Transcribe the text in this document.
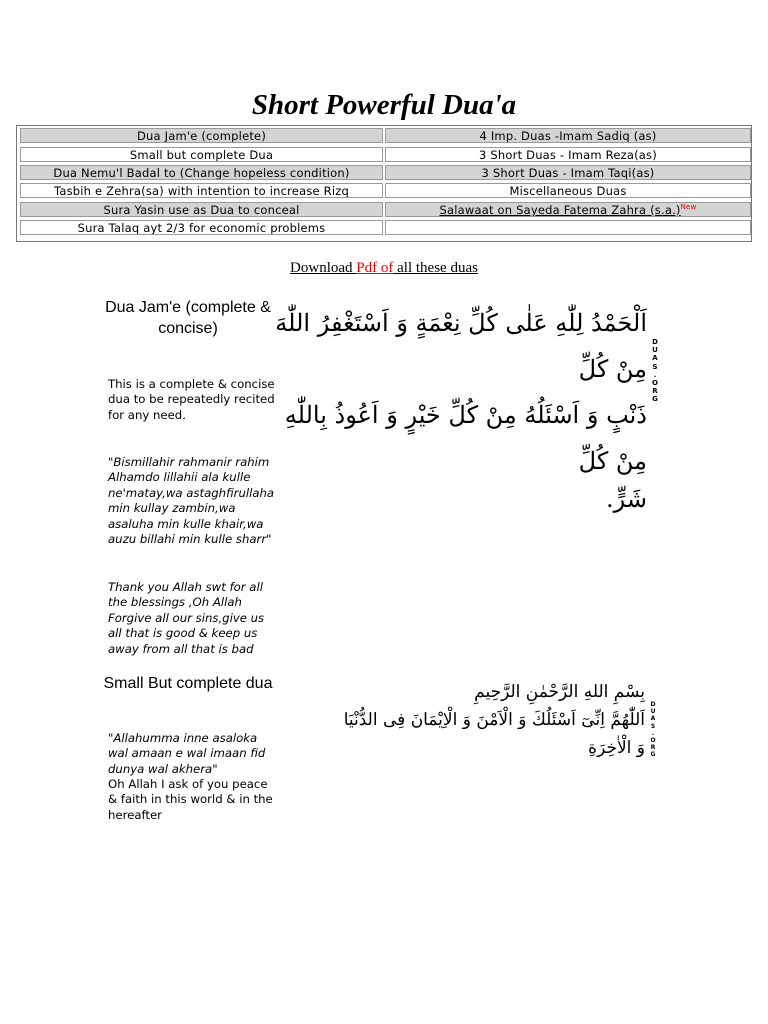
Short Powerful Dua'a
Dua Jam'e (complete)	4 Imp. Duas -Imam Sadiq (as)
Small but complete Dua	3 Short Duas - Imam Reza(as)
Dua Nemu'l Badal to (Change hopeless condition)	3 Short Duas - Imam Taqi(as)
Tasbih e Zehra(sa) with intention to increase Rizq	Miscellaneous Duas
Sura Yasin use as Dua to conceal	Salawaat on Sayeda Fatema Zahra $(s.a.)^{New}$
Sura Talaq ayt 2/3 for economic problems
Download Pdf of all these duas
Dua Jam'e (complete & concise)
This is a complete & concise dua to be repeatedly recited for any need.
"Bismillahir rahmanir rahim Alhamdo lillahii ala kulle ne'matay,wa astaghfirullaha min kullay zambin,wa asaluha min kulle khair,wa auzu billahi min kulle sharr"
Thank you Allah swt for all the blessings ,Oh Allah Forgive all our sins,give us all that is good & keep us away from all that is bad
اَلْحَمْدُ لِلّٰهِ عَلٰى كُلِّ نِعْمَةٍ وَ اَسْتَغْفِرُ اللّٰهَ مِنْ كُلِّ
ذَنْبٍ وَ اَسْئَلُهُ مِنْ كُلِّ خَيْرٍ وَ اَعُوذُ بِاللّٰهِ مِنْ كُلِّ
شَرٍّ.
D
U
A
S
.
O
R
G
Small But complete dua
"Allahumma inne asaloka wal amaan e wal imaan fid dunya wal akhera"
Oh Allah I ask of you peace & faith in this world & in the hereafter
بِسْمِ اللهِ الرَّحْمٰنِ الرَّحِيمِ
اَللّٰهُمَّ اِنِّىٓ اَسْئَلُكَ وَ الْاَمْنَ وَ الْاِيْمَانَ فِى الدُّنْيَا
وَ الْاٰخِرَةِ
D
U
A
S
.
O
R
G
